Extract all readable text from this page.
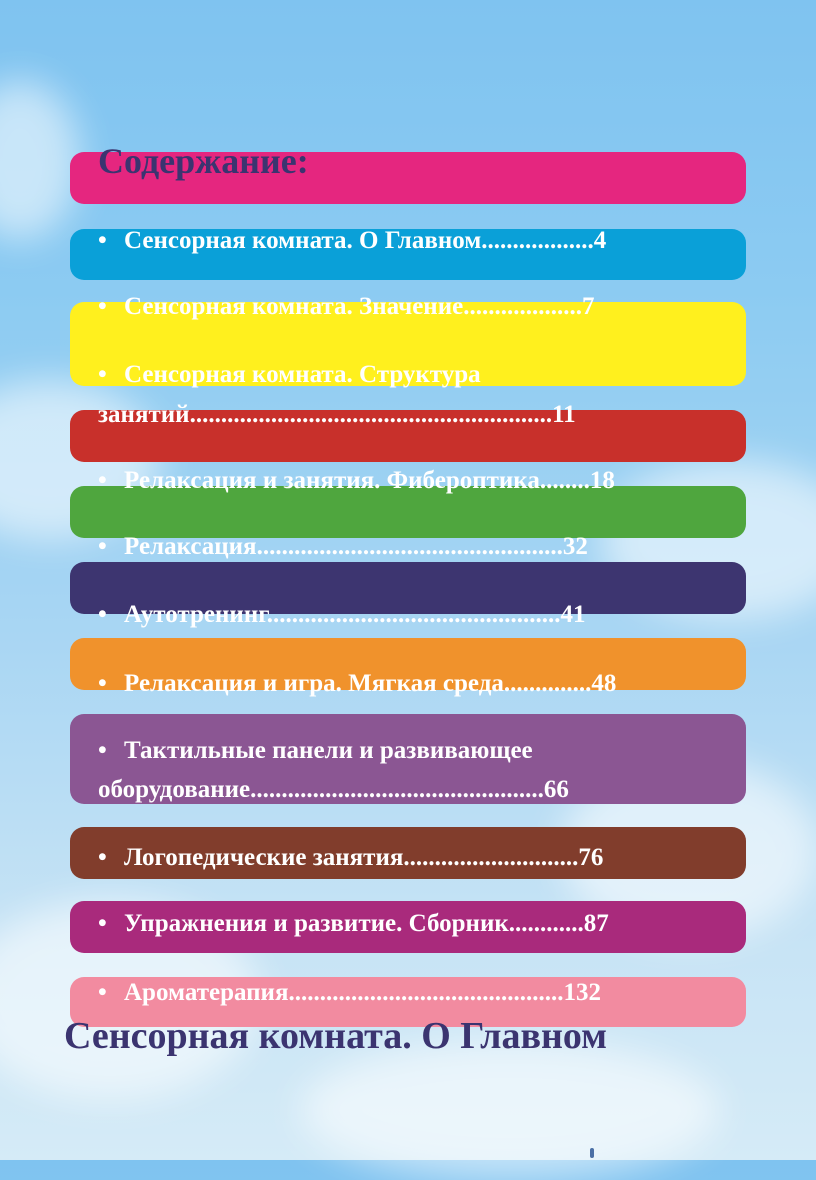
Содержание:
• Сенсорная комната. О Главном..................4
• Сенсорная комната. Значение...................7
• Сенсорная комната. Структура
занятий..........................................................11
• Релаксация и занятия. Фибероптика........18
• Релаксация.................................................32
• Аутотренинг...............................................41
• Релаксация и игра. Мягкая среда..............48
• Тактильные панели и развивающее
оборудование...............................................66
• Логопедические занятия............................76
• Упражнения и развитие. Сборник............87
• Ароматерапия............................................132
Сенсорная комната. О Главном
